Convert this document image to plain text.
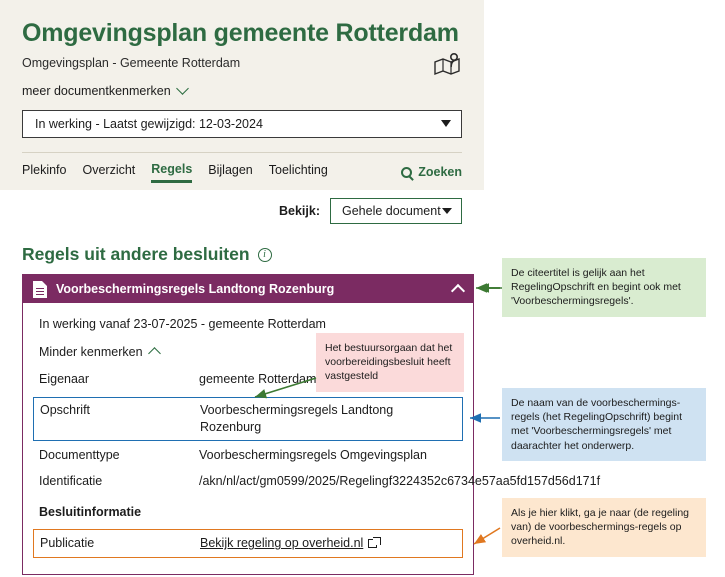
Omgevingsplan gemeente Rotterdam
Omgevingsplan - Gemeente Rotterdam
meer documentkenmerken
In werking - Laatst gewijzigd: 12-03-2024
Plekinfo Overzicht Regels Bijlagen Toelichting	Zoeken
Bekijk: Gehele document
Regels uit andere besluiten	i
Voorbeschermingsregels Landtong Rozenburg
In werking vanaf 23-07-2025 - gemeente Rotterdam
Minder kenmerken
Eigenaar	gemeente Rotterdam
Opschrift	Voorbeschermingsregels Landtong Rozenburg
Documenttype	Voorbeschermingsregels Omgevingsplan
Identificatie	/akn/nl/act/gm0599/2025/Regelingf3224352c6734e57aa5fd157d56d171f
Besluitinformatie
Publicatie	Bekijk regeling op overheid.nl
De citeertitel is gelijk aan het RegelingOpschrift en begint ook met 'Voorbeschermingsregels'.
Het bestuursorgaan dat het voorbereidingsbesluit heeft vastgesteld
De naam van de voorbeschermings-regels (het RegelingOpschrift) begint met 'Voorbeschermingsregels' met daarachter het onderwerp.
Als je hier klikt, ga je naar (de regeling van) de voorbeschermings-regels op overheid.nl.
